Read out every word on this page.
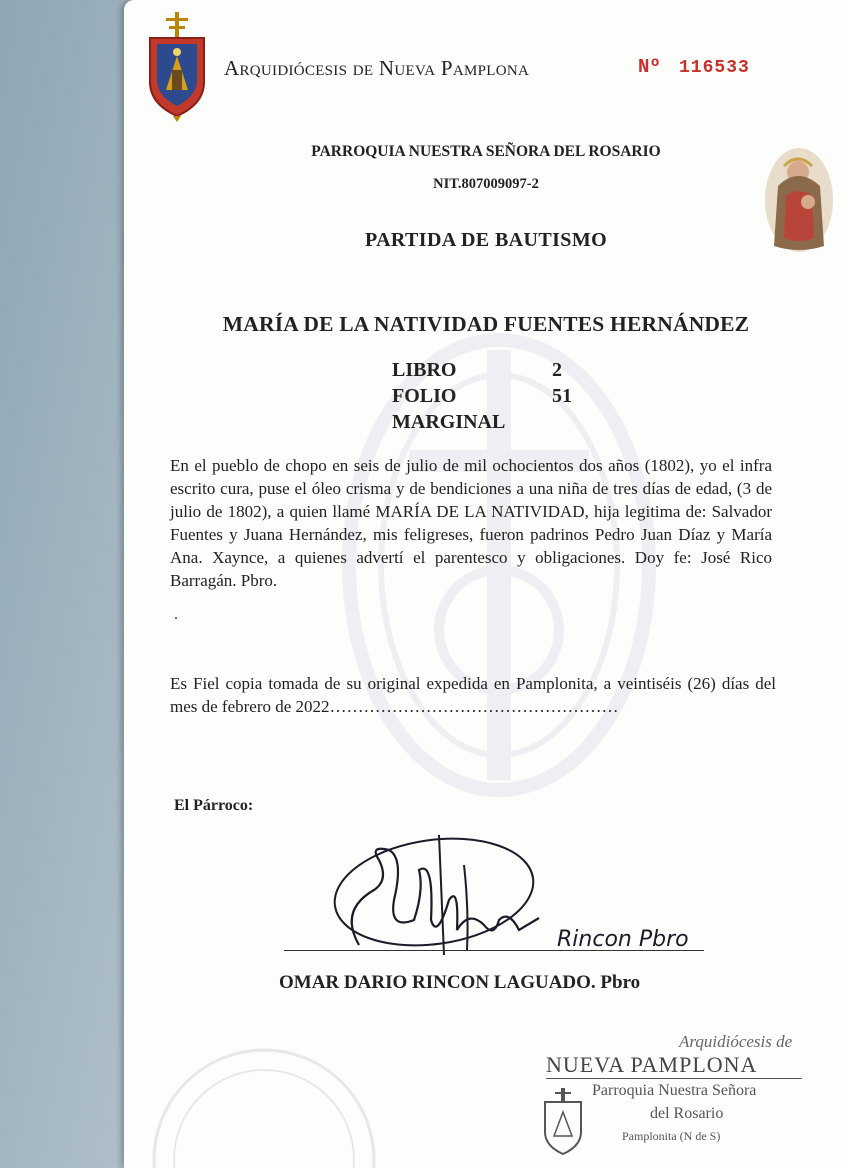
Arquidiócesis de Nueva Pamplona	Nº 116533
PARROQUIA NUESTRA SEÑORA DEL ROSARIO
NIT.807009097-2
PARTIDA DE BAUTISMO
MARÍA DE LA NATIVIDAD FUENTES HERNÁNDEZ
LIBRO	2
FOLIO	51
MARGINAL
En el pueblo de chopo en seis de julio de mil ochocientos dos años (1802), yo el infra escrito cura, puse el óleo crisma y de bendiciones a una niña de tres días de edad, (3 de julio de 1802), a quien llamé MARÍA DE LA NATIVIDAD, hija legitima de: Salvador Fuentes y Juana Hernández, mis feligreses, fueron padrinos Pedro Juan Díaz y María Ana. Xaynce, a quienes advertí el parentesco y obligaciones. Doy fe: José Rico Barragán. Pbro.
.
Es Fiel copia tomada de su original expedida en Pamplonita, a veintiséis (26) días del mes de febrero de 2022……………………………………………
El Párroco:
Rincon Pbro
OMAR DARIO RINCON LAGUADO. Pbro
Arquidiócesis de
NUEVA PAMPLONA
Parroquia Nuestra Señora
del Rosario
Pamplonita (N de S)
